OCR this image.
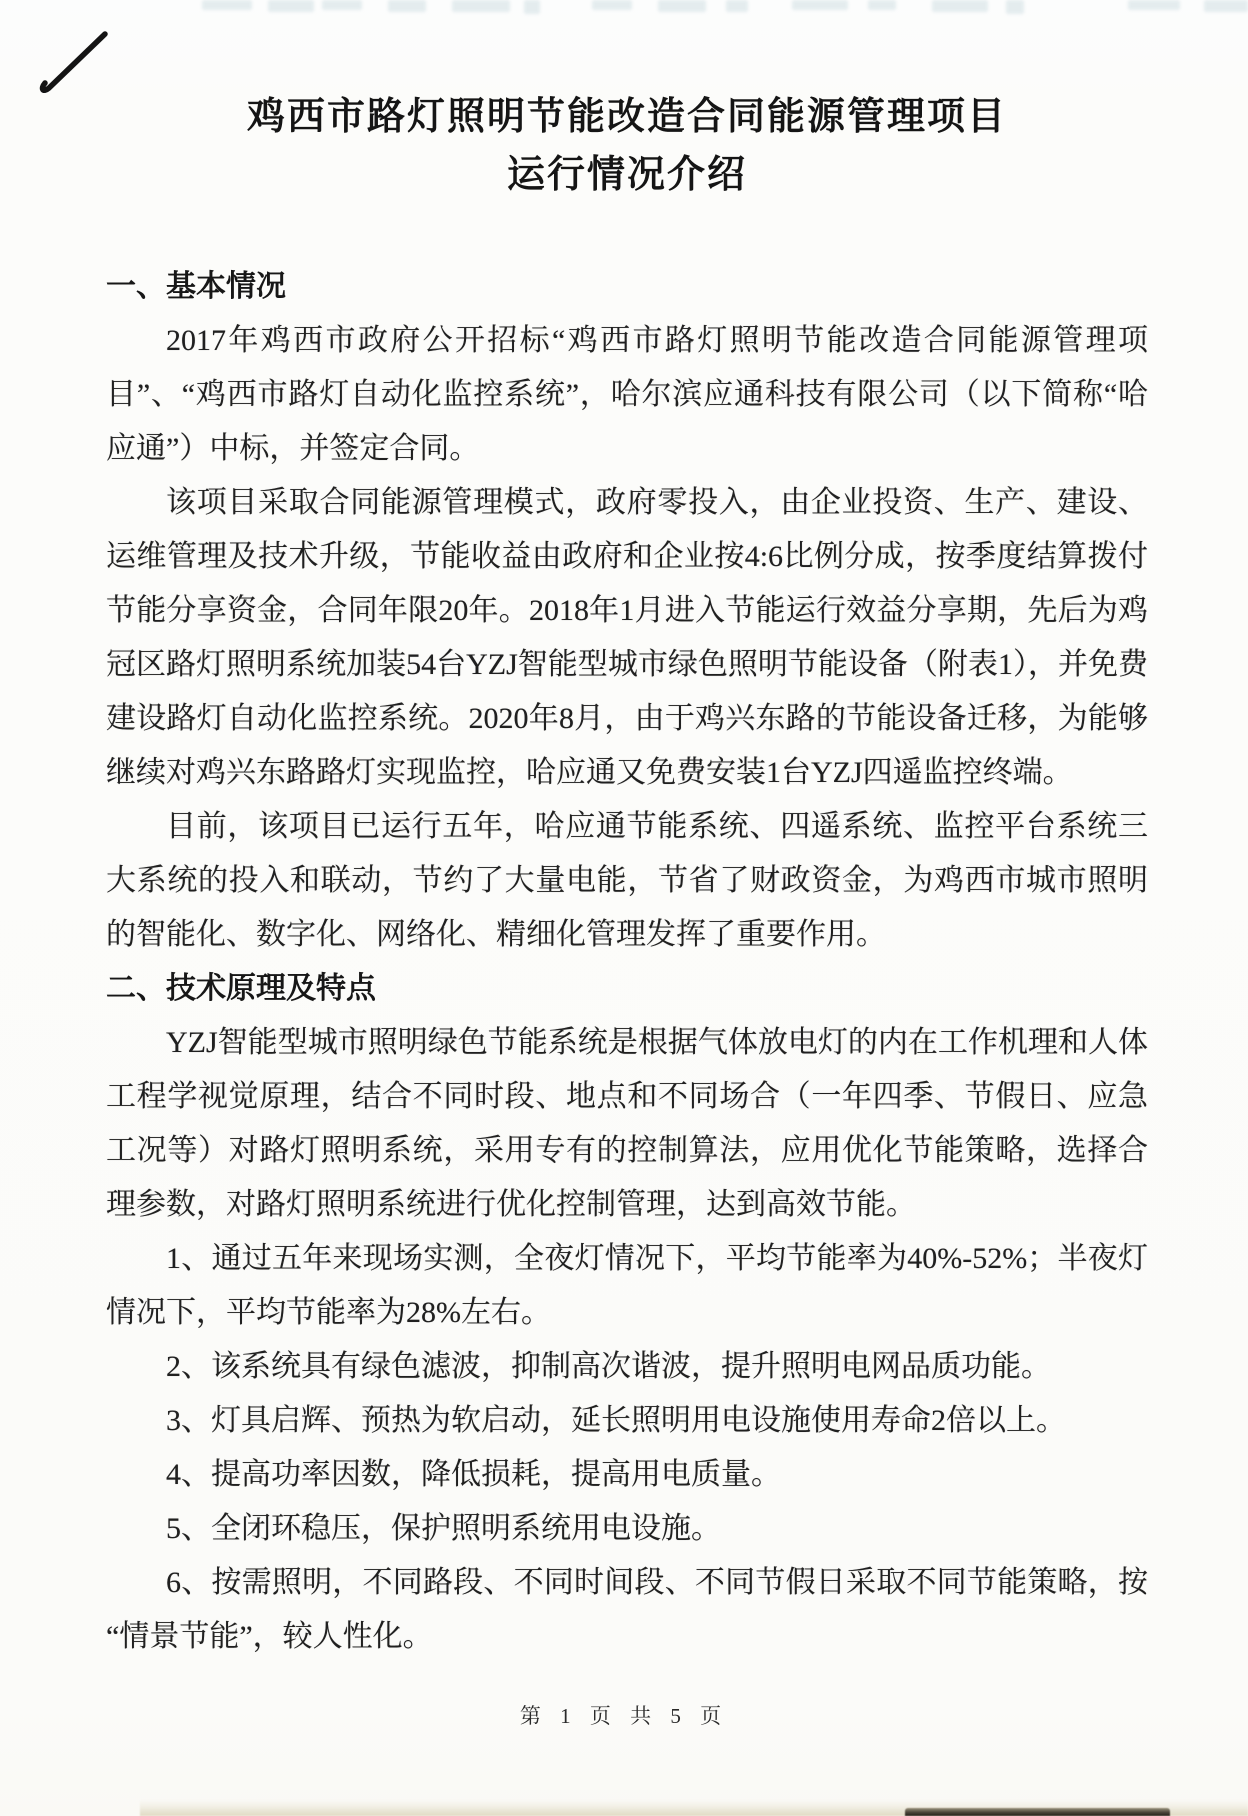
鸡西市路灯照明节能改造合同能源管理项目
运行情况介绍
一、基本情况

2017年鸡西市政府公开招标“鸡西市路灯照明节能改造合同能源管理项目”、“鸡西市路灯自动化监控系统”，哈尔滨应通科技有限公司（以下简称“哈应通”）中标，并签定合同。

该项目采取合同能源管理模式，政府零投入，由企业投资、生产、建设、运维管理及技术升级，节能收益由政府和企业按4:6比例分成，按季度结算拨付节能分享资金，合同年限20年。2018年1月进入节能运行效益分享期，先后为鸡冠区路灯照明系统加装54台YZJ智能型城市绿色照明节能设备（附表1），并免费建设路灯自动化监控系统。2020年8月，由于鸡兴东路的节能设备迁移，为能够继续对鸡兴东路路灯实现监控，哈应通又免费安装1台YZJ四遥监控终端。

目前，该项目已运行五年，哈应通节能系统、四遥系统、监控平台系统三大系统的投入和联动，节约了大量电能，节省了财政资金，为鸡西市城市照明的智能化、数字化、网络化、精细化管理发挥了重要作用。

二、技术原理及特点

YZJ智能型城市照明绿色节能系统是根据气体放电灯的内在工作机理和人体工程学视觉原理，结合不同时段、地点和不同场合（一年四季、节假日、应急工况等）对路灯照明系统，采用专有的控制算法，应用优化节能策略，选择合理参数，对路灯照明系统进行优化控制管理，达到高效节能。

1、通过五年来现场实测，全夜灯情况下，平均节能率为40%-52%；半夜灯情况下，平均节能率为28%左右。

2、该系统具有绿色滤波，抑制高次谐波，提升照明电网品质功能。

3、灯具启辉、预热为软启动，延长照明用电设施使用寿命2倍以上。

4、提高功率因数，降低损耗，提高用电质量。

5、全闭环稳压，保护照明系统用电设施。

6、按需照明，不同路段、不同时间段、不同节假日采取不同节能策略，按“情景节能”，较人性化。

第 1 页 共 5 页
